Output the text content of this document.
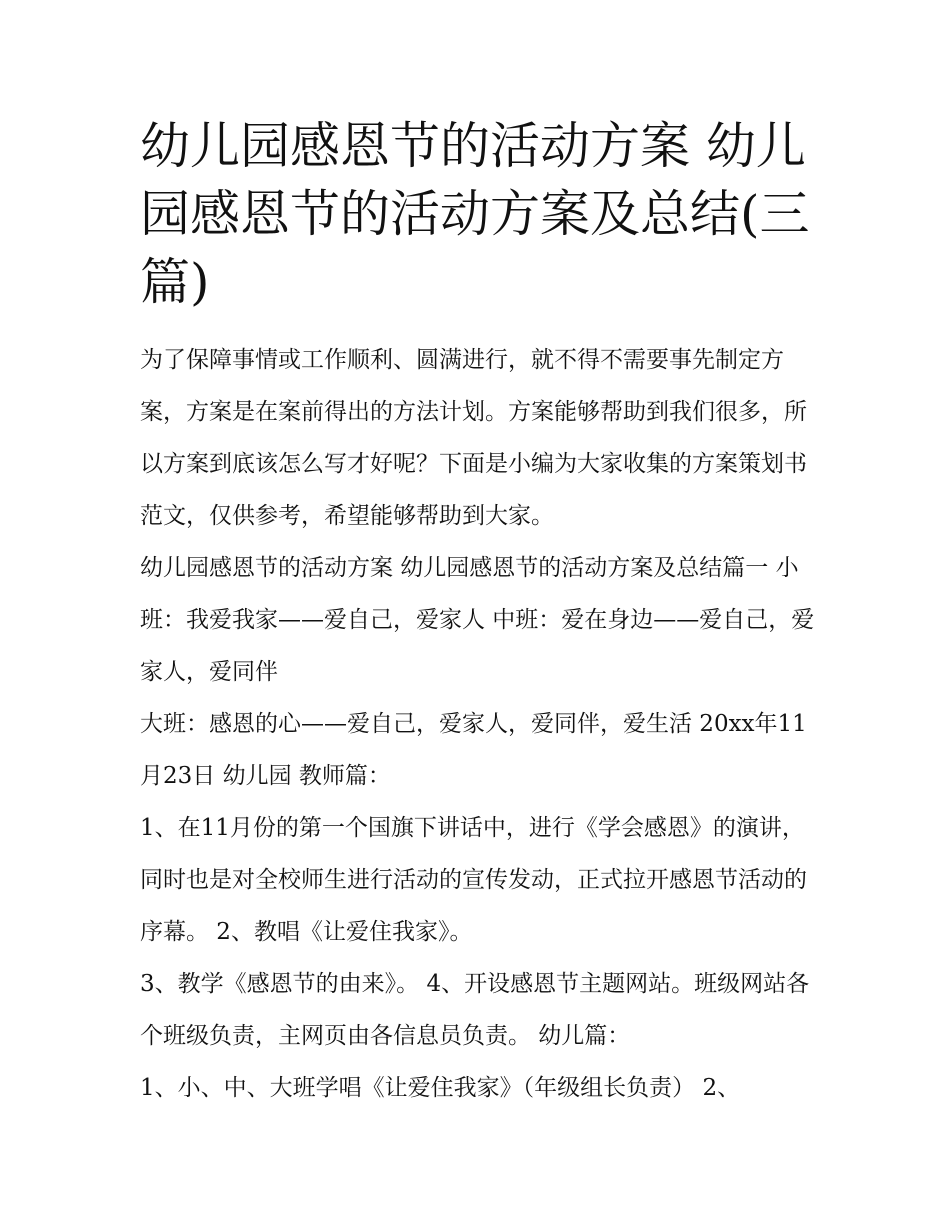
幼儿园感恩节的活动方案 幼儿园感恩节的活动方案及总结(三篇)

为了保障事情或工作顺利、圆满进行，就不得不需要事先制定方案，方案是在案前得出的方法计划。方案能够帮助到我们很多，所以方案到底该怎么写才好呢？下面是小编为大家收集的方案策划书范文，仅供参考，希望能够帮助到大家。

幼儿园感恩节的活动方案 幼儿园感恩节的活动方案及总结篇一 小班：我爱我家——爱自己，爱家人 中班：爱在身边——爱自己，爱家人，爱同伴

大班：感恩的心——爱自己，爱家人，爱同伴，爱生活 20xx年11月23日 幼儿园 教师篇：

1、在11月份的第一个国旗下讲话中，进行《学会感恩》的演讲，同时也是对全校师生进行活动的宣传发动，正式拉开感恩节活动的序幕。 2、教唱《让爱住我家》。

3、教学《感恩节的由来》。 4、开设感恩节主题网站。班级网站各个班级负责，主网页由各信息员负责。 幼儿篇：

1、小、中、大班学唱《让爱住我家》（年级组长负责） 2、
